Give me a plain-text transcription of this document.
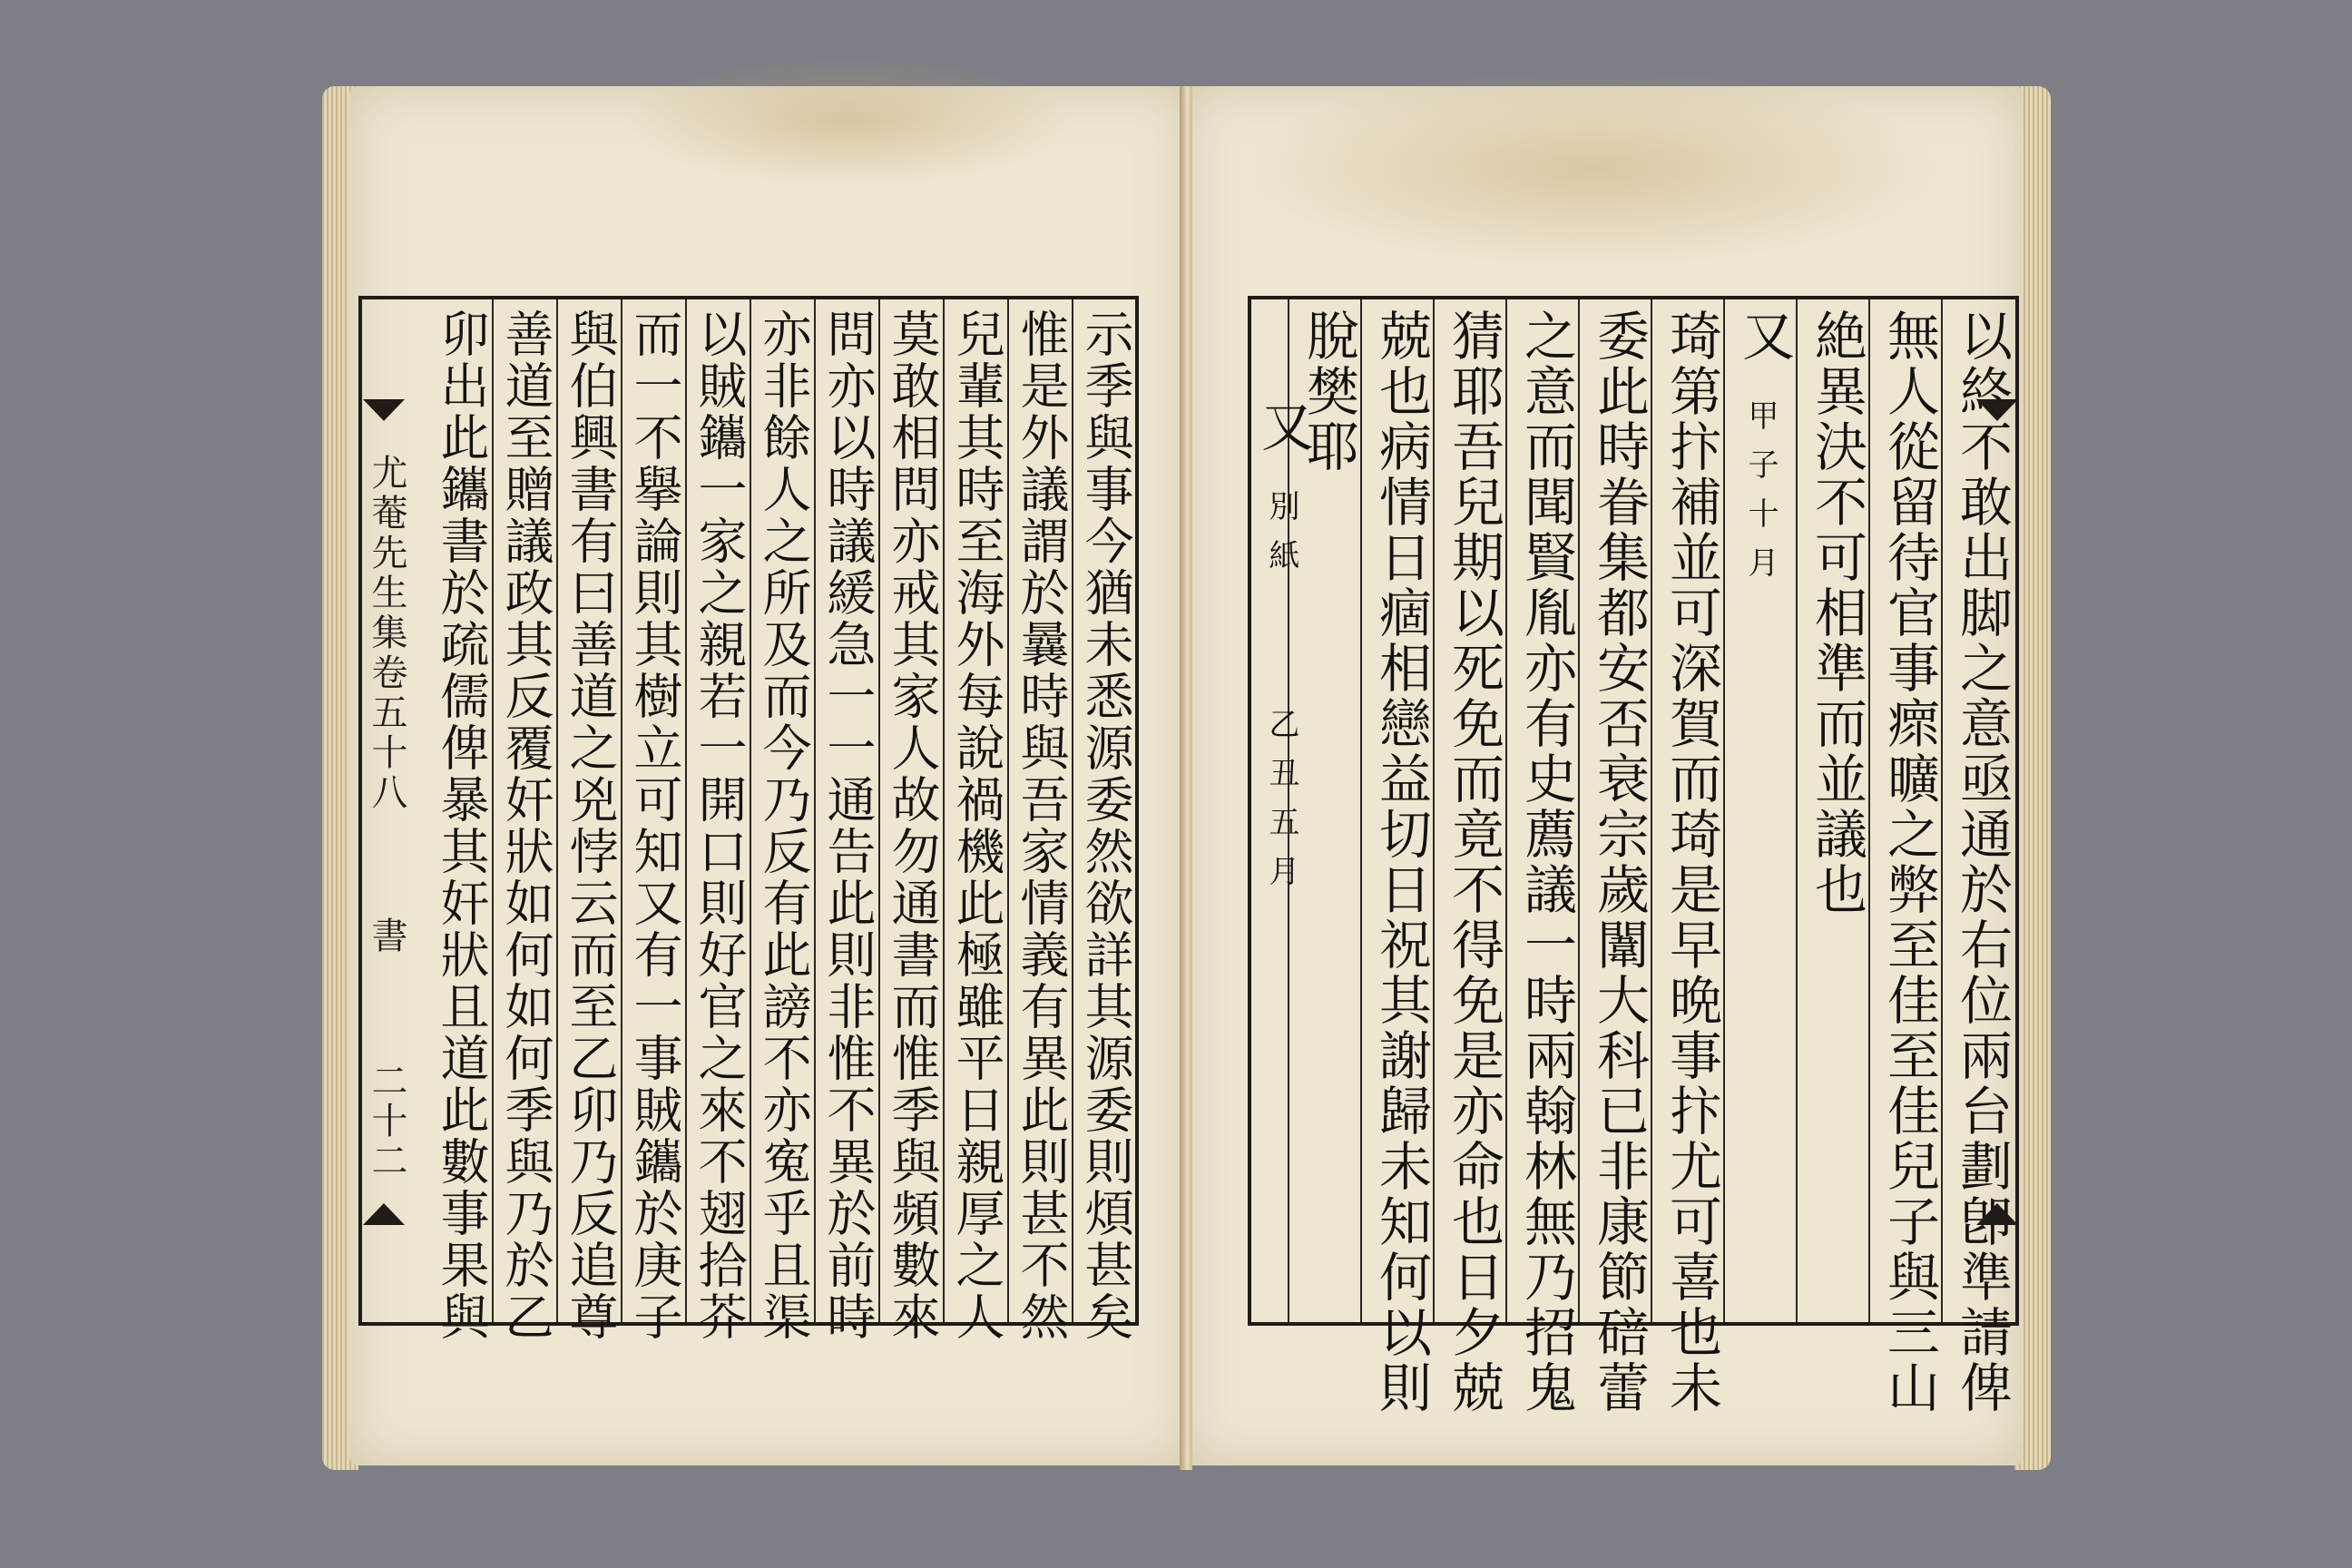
示季與事今猶未悉源委然欲詳其源委則煩甚矣
惟是外議謂於曩時與吾家情義有異此則甚不然
兒輩其時至海外每說禍機此極雖平日親厚之人
莫敢相問亦戒其家人故勿通書而惟季與頻數來
問亦以時議緩急一一通告此則非惟不異於前時
亦非餘人之所及而今乃反有此謗不亦寃乎且渠
以賊鑴一家之親若一開口則好官之來不翅拾芥
而一不擧論則其樹立可知又有一事賊鑴於庚子
與伯興書有曰善道之兇悖云而至乙卯乃反追尊
善道至贈議政其反覆奸狀如何如何季與乃於乙
尤菴先生集卷五十八
書
二十二	以終不敢出脚之意亟通於右位兩台劃卽準請俾
無人從留待官事瘝曠之弊至佳至佳兒子與三山
絶異決不可相準而並議也
又
甲子十月
琦第抃補並可深賀而琦是早晩事抃尤可喜也未
委此時眷集都安否衰宗歲闈大科已非康節碚蕾
之意而聞賢胤亦有史薦議一時兩翰林無乃招鬼
猜耶吾兒期以死免而竟不得免是亦命也日夕兢
兢也病情日痼相戀益切日祝其謝歸未知何以則
脫樊耶
又
別紙
乙丑五月
卯出此鑴書於疏儒俾暴其奸狀且道此數事果與
